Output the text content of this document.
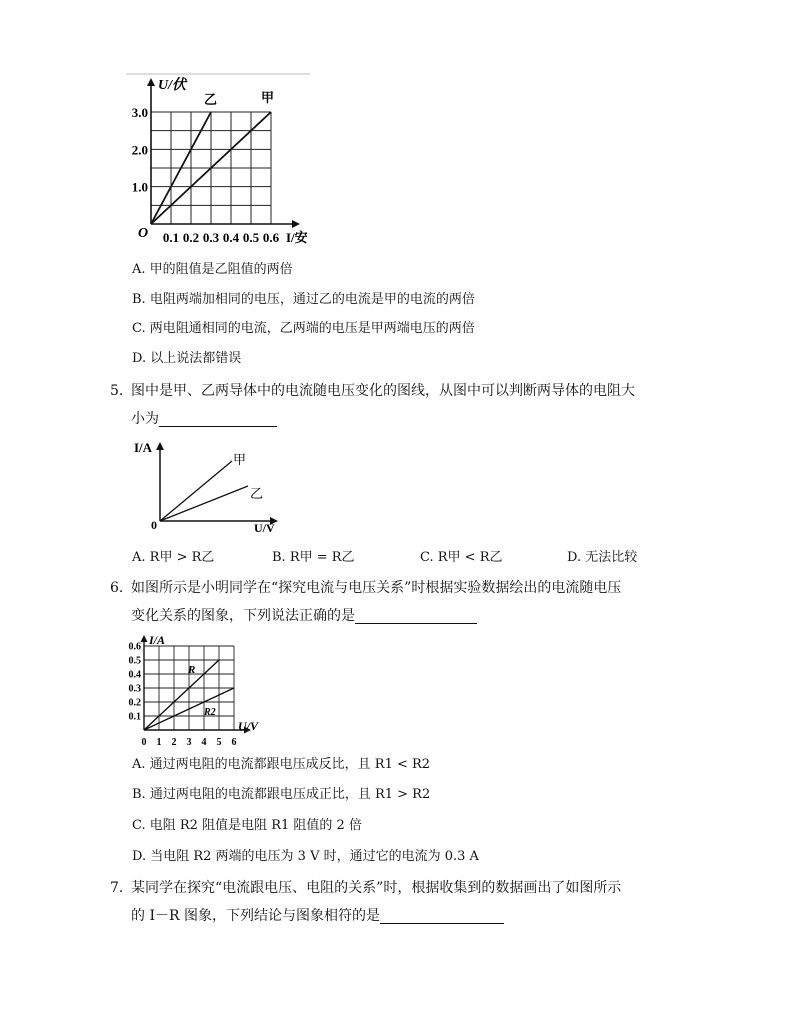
U/伏
O	I/安
乙	甲
3.0
2.0
1.0
0.1 0.2 0.3 0.4 0.5 0.6
A. 甲的阻值是乙阻值的两倍
B. 电阻两端加相同的电压，通过乙的电流是甲的电流的两倍
C. 两电阻通相同的电流，乙两端的电压是甲两端电压的两倍
D. 以上说法都错误
5. 图中是甲、乙两导体中的电流随电压变化的图线，从图中可以判断两导体的电阻大
小为
I/A
0	U/V
甲
乙
A. R甲 > R乙	B. R甲 = R乙	C. R甲 < R乙	D. 无法比较
6. 如图所示是小明同学在“探究电流与电压关系”时根据实验数据绘出的电流随电压
变化关系的图象，下列说法正确的是
I/A
U/V
R
R2
0.6
0.5
0.4
0.3
0.2
0.1
0 1 2 3 4 5 6
A. 通过两电阻的电流都跟电压成反比，且 R1 < R2
B. 通过两电阻的电流都跟电压成正比，且 R1 > R2
C. 电阻 R2 阻值是电阻 R1 阻值的 2 倍
D. 当电阻 R2 两端的电压为 3 V 时，通过它的电流为 0.3 A
7. 某同学在探究“电流跟电压、电阻的关系”时，根据收集到的数据画出了如图所示
的 I－R 图象，下列结论与图象相符的是
